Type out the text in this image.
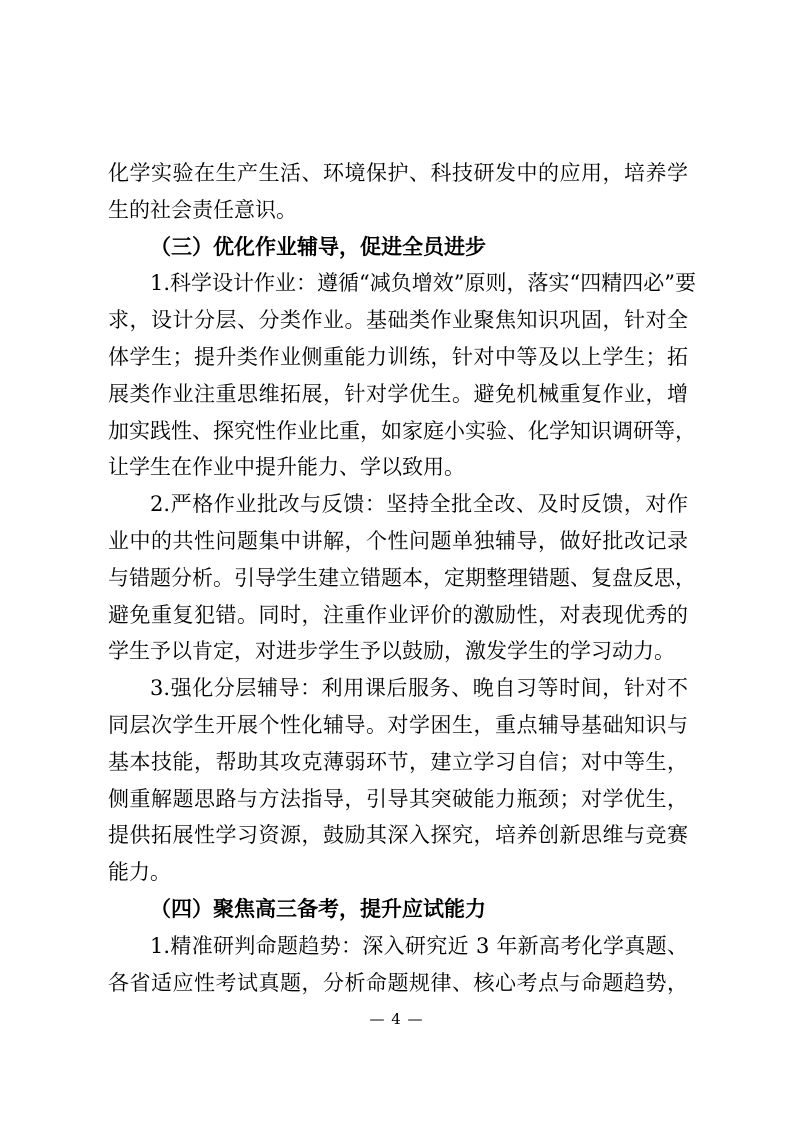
化学实验在生产生活、环境保护、科技研发中的应用，培养学
生的社会责任意识。
（三）优化作业辅导，促进全员进步
1.科学设计作业：遵循“减负增效”原则，落实“四精四必”要
求，设计分层、分类作业。基础类作业聚焦知识巩固，针对全
体学生；提升类作业侧重能力训练，针对中等及以上学生；拓
展类作业注重思维拓展，针对学优生。避免机械重复作业，增
加实践性、探究性作业比重，如家庭小实验、化学知识调研等，
让学生在作业中提升能力、学以致用。
2.严格作业批改与反馈：坚持全批全改、及时反馈，对作
业中的共性问题集中讲解，个性问题单独辅导，做好批改记录
与错题分析。引导学生建立错题本，定期整理错题、复盘反思，
避免重复犯错。同时，注重作业评价的激励性，对表现优秀的
学生予以肯定，对进步学生予以鼓励，激发学生的学习动力。
3.强化分层辅导：利用课后服务、晚自习等时间，针对不
同层次学生开展个性化辅导。对学困生，重点辅导基础知识与
基本技能，帮助其攻克薄弱环节，建立学习自信；对中等生，
侧重解题思路与方法指导，引导其突破能力瓶颈；对学优生，
提供拓展性学习资源，鼓励其深入探究，培养创新思维与竞赛
能力。
（四）聚焦高三备考，提升应试能力
1.精准研判命题趋势：深入研究近 3 年新高考化学真题、
各省适应性考试真题，分析命题规律、核心考点与命题趋势，
— 4 —
